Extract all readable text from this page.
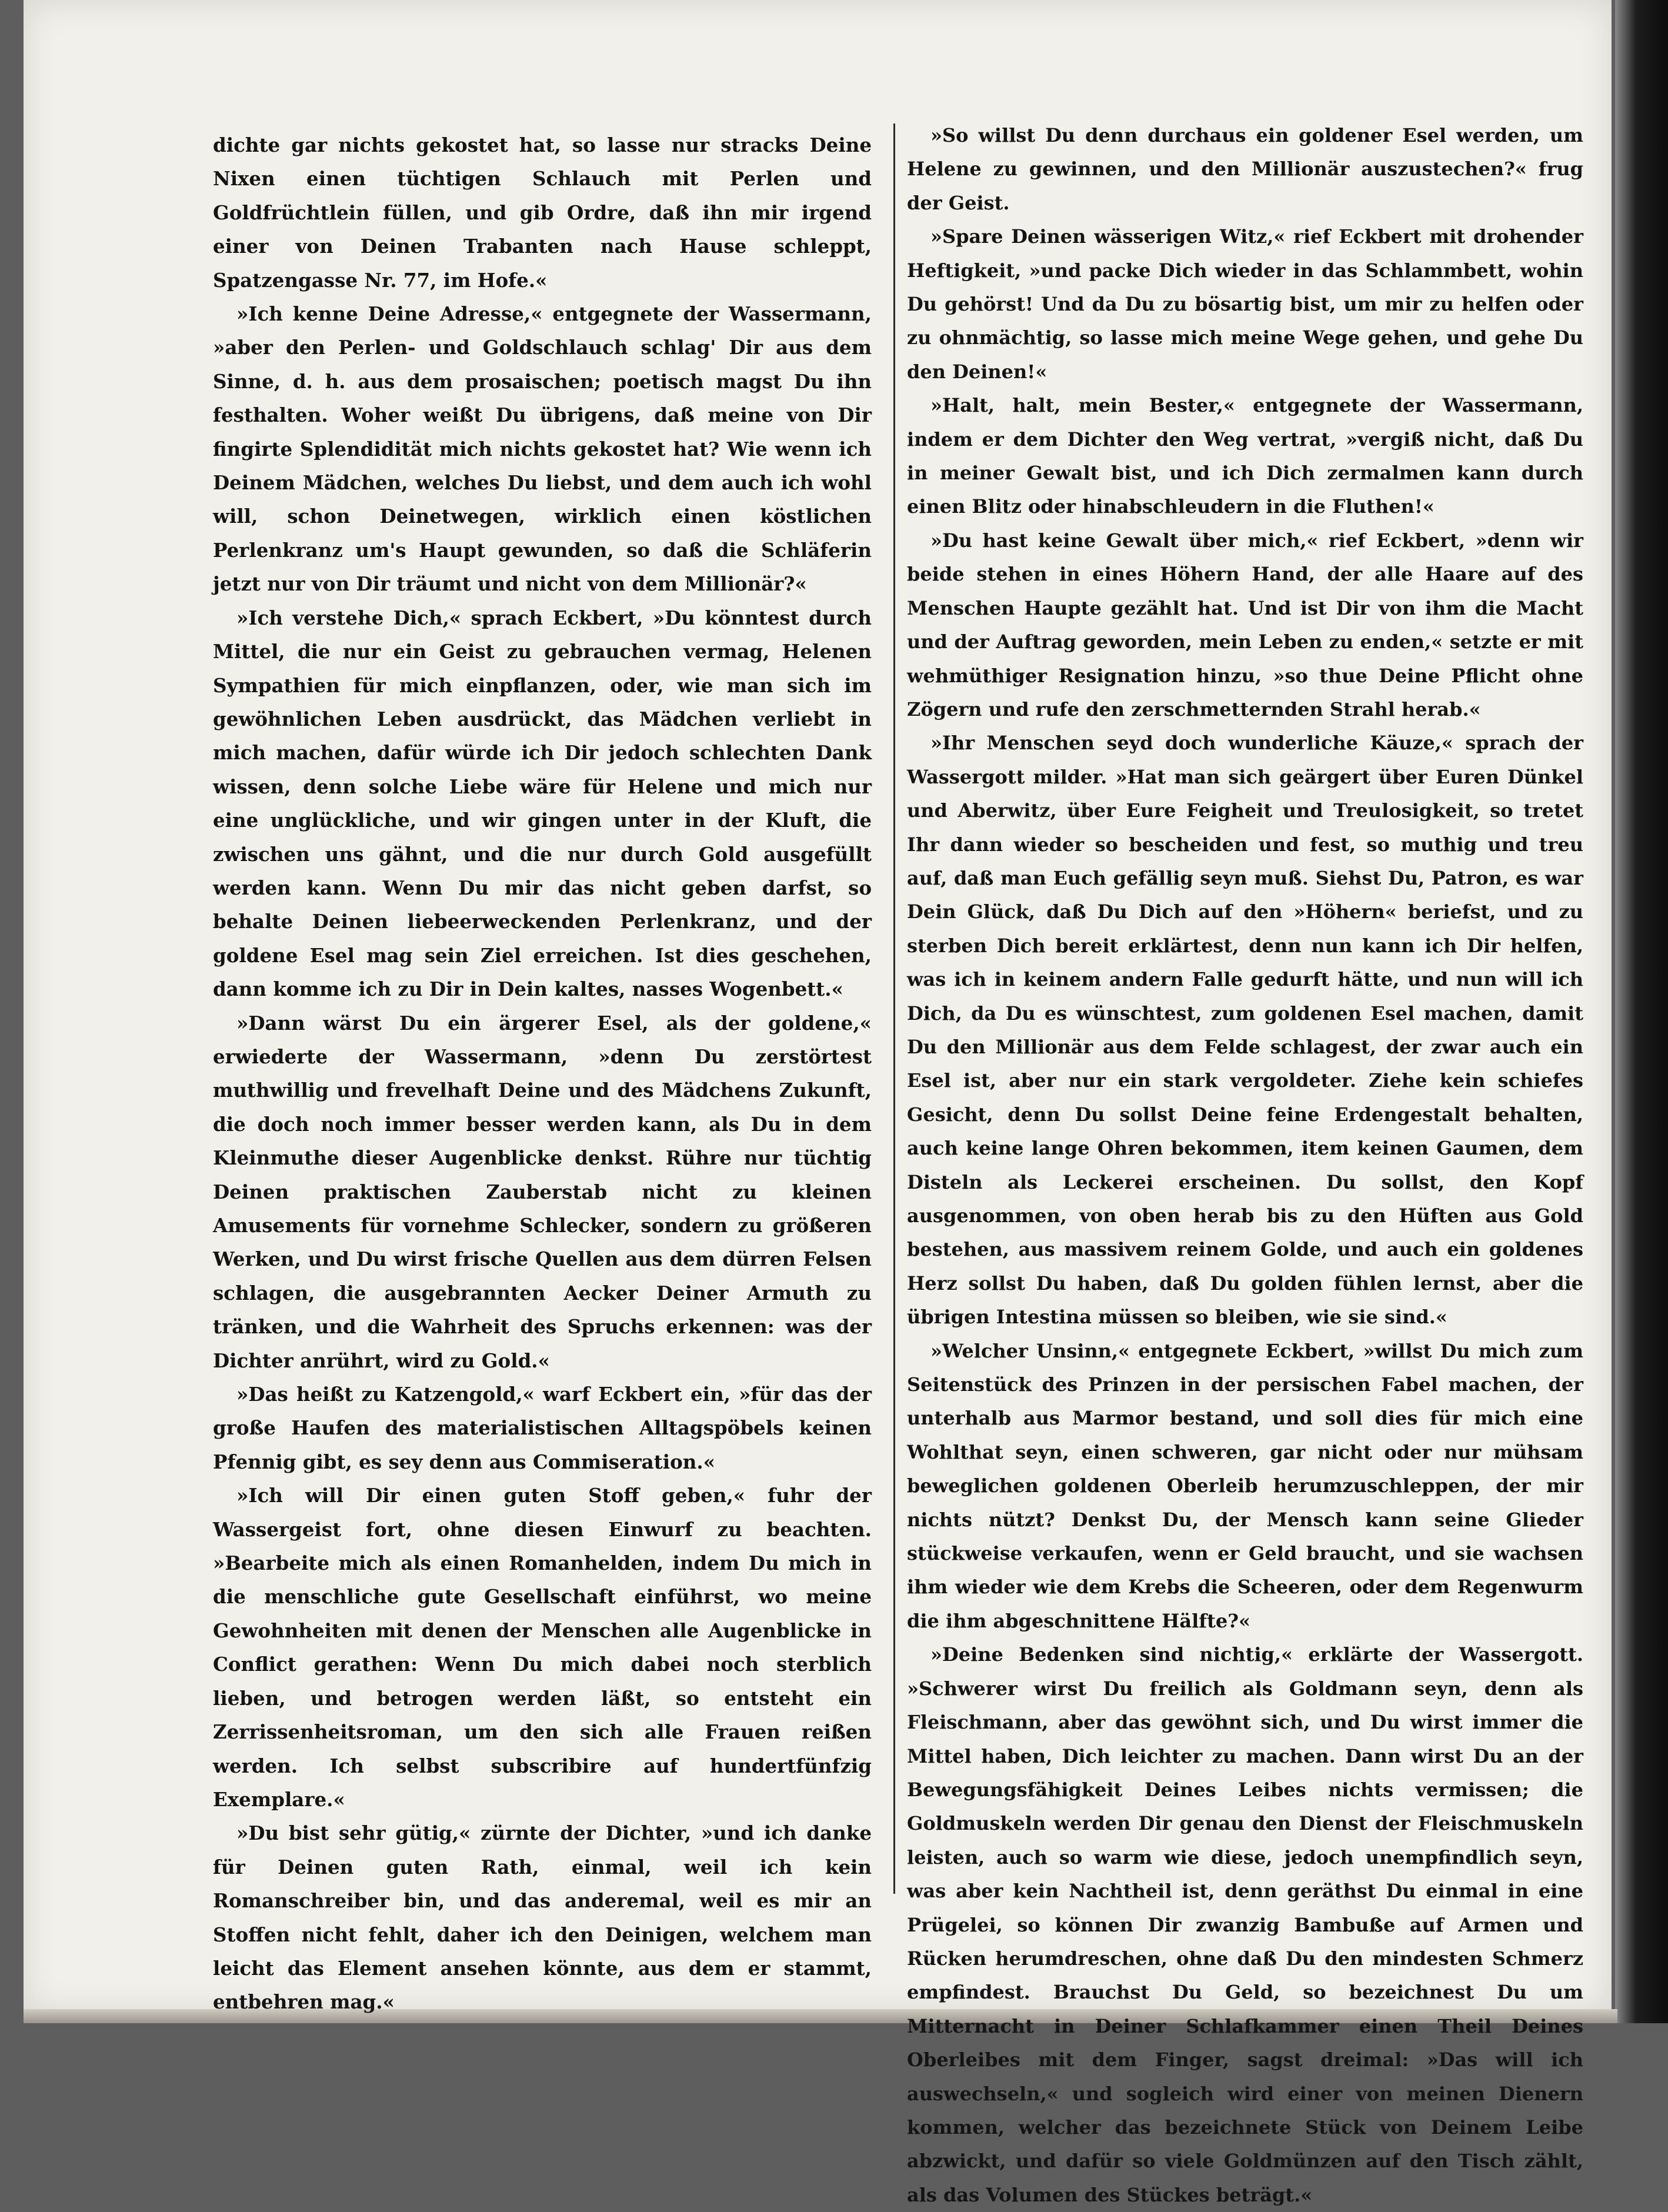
dichte gar nichts gekostet hat, so lasse nur stracks Deine Nixen einen tüchtigen Schlauch mit Perlen und Goldfrüchtlein füllen, und gib Ordre, daß ihn mir irgend einer von Deinen Trabanten nach Hause schleppt, Spatzengasse Nr. 77, im Hofe.«

»Ich kenne Deine Adresse,« entgegnete der Wassermann, »aber den Perlen- und Goldschlauch schlag' Dir aus dem Sinne, d. h. aus dem prosaischen; poetisch magst Du ihn festhalten. Woher weißt Du übrigens, daß meine von Dir fingirte Splendidität mich nichts gekostet hat? Wie wenn ich Deinem Mädchen, welches Du liebst, und dem auch ich wohl will, schon Deinetwegen, wirklich einen köstlichen Perlenkranz um's Haupt gewunden, so daß die Schläferin jetzt nur von Dir träumt und nicht von dem Millionär?«

»Ich verstehe Dich,« sprach Eckbert, »Du könntest durch Mittel, die nur ein Geist zu gebrauchen vermag, Helenen Sympathien für mich einpflanzen, oder, wie man sich im gewöhnlichen Leben ausdrückt, das Mädchen verliebt in mich machen, dafür würde ich Dir jedoch schlechten Dank wissen, denn solche Liebe wäre für Helene und mich nur eine unglückliche, und wir gingen unter in der Kluft, die zwischen uns gähnt, und die nur durch Gold ausgefüllt werden kann. Wenn Du mir das nicht geben darfst, so behalte Deinen liebeerweckenden Perlenkranz, und der goldene Esel mag sein Ziel erreichen. Ist dies geschehen, dann komme ich zu Dir in Dein kaltes, nasses Wogenbett.«

»Dann wärst Du ein ärgerer Esel, als der goldene,« erwiederte der Wassermann, »denn Du zerstörtest muthwillig und frevelhaft Deine und des Mädchens Zukunft, die doch noch immer besser werden kann, als Du in dem Kleinmuthe dieser Augenblicke denkst. Rühre nur tüchtig Deinen praktischen Zauberstab nicht zu kleinen Amusements für vornehme Schlecker, sondern zu größeren Werken, und Du wirst frische Quellen aus dem dürren Felsen schlagen, die ausgebrannten Aecker Deiner Armuth zu tränken, und die Wahrheit des Spruchs erkennen: was der Dichter anrührt, wird zu Gold.«

»Das heißt zu Katzengold,« warf Eckbert ein, »für das der große Haufen des materialistischen Alltagspöbels keinen Pfennig gibt, es sey denn aus Commiseration.«

»Ich will Dir einen guten Stoff geben,« fuhr der Wassergeist fort, ohne diesen Einwurf zu beachten. »Bearbeite mich als einen Romanhelden, indem Du mich in die menschliche gute Gesellschaft einführst, wo meine Gewohnheiten mit denen der Menschen alle Augenblicke in Conflict gerathen: Wenn Du mich dabei noch sterblich lieben, und betrogen werden läßt, so entsteht ein Zerrissenheitsroman, um den sich alle Frauen reißen werden. Ich selbst subscribire auf hundertfünfzig Exemplare.«

»Du bist sehr gütig,« zürnte der Dichter, »und ich danke für Deinen guten Rath, einmal, weil ich kein Romanschreiber bin, und das anderemal, weil es mir an Stoffen nicht fehlt, daher ich den Deinigen, welchem man leicht das Element ansehen könnte, aus dem er stammt, entbehren mag.«

»So willst Du denn durchaus ein goldener Esel werden, um Helene zu gewinnen, und den Millionär auszustechen?« frug der Geist.

»Spare Deinen wässerigen Witz,« rief Eckbert mit drohender Heftigkeit, »und packe Dich wieder in das Schlammbett, wohin Du gehörst! Und da Du zu bösartig bist, um mir zu helfen oder zu ohnmächtig, so lasse mich meine Wege gehen, und gehe Du den Deinen!«

»Halt, halt, mein Bester,« entgegnete der Wassermann, indem er dem Dichter den Weg vertrat, »vergiß nicht, daß Du in meiner Gewalt bist, und ich Dich zermalmen kann durch einen Blitz oder hinabschleudern in die Fluthen!«

»Du hast keine Gewalt über mich,« rief Eckbert, »denn wir beide stehen in eines Höhern Hand, der alle Haare auf des Menschen Haupte gezählt hat. Und ist Dir von ihm die Macht und der Auftrag geworden, mein Leben zu enden,« setzte er mit wehmüthiger Resignation hinzu, »so thue Deine Pflicht ohne Zögern und rufe den zerschmetternden Strahl herab.«

»Ihr Menschen seyd doch wunderliche Käuze,« sprach der Wassergott milder. »Hat man sich geärgert über Euren Dünkel und Aberwitz, über Eure Feigheit und Treulosigkeit, so tretet Ihr dann wieder so bescheiden und fest, so muthig und treu auf, daß man Euch gefällig seyn muß. Siehst Du, Patron, es war Dein Glück, daß Du Dich auf den »Höhern« beriefst, und zu sterben Dich bereit erklärtest, denn nun kann ich Dir helfen, was ich in keinem andern Falle gedurft hätte, und nun will ich Dich, da Du es wünschtest, zum goldenen Esel machen, damit Du den Millionär aus dem Felde schlagest, der zwar auch ein Esel ist, aber nur ein stark vergoldeter. Ziehe kein schiefes Gesicht, denn Du sollst Deine feine Erdengestalt behalten, auch keine lange Ohren bekommen, item keinen Gaumen, dem Disteln als Leckerei erscheinen. Du sollst, den Kopf ausgenommen, von oben herab bis zu den Hüften aus Gold bestehen, aus massivem reinem Golde, und auch ein goldenes Herz sollst Du haben, daß Du golden fühlen lernst, aber die übrigen Intestina müssen so bleiben, wie sie sind.«

»Welcher Unsinn,« entgegnete Eckbert, »willst Du mich zum Seitenstück des Prinzen in der persischen Fabel machen, der unterhalb aus Marmor bestand, und soll dies für mich eine Wohlthat seyn, einen schweren, gar nicht oder nur mühsam beweglichen goldenen Oberleib herumzuschleppen, der mir nichts nützt? Denkst Du, der Mensch kann seine Glieder stückweise verkaufen, wenn er Geld braucht, und sie wachsen ihm wieder wie dem Krebs die Scheeren, oder dem Regenwurm die ihm abgeschnittene Hälfte?«

»Deine Bedenken sind nichtig,« erklärte der Wassergott. »Schwerer wirst Du freilich als Goldmann seyn, denn als Fleischmann, aber das gewöhnt sich, und Du wirst immer die Mittel haben, Dich leichter zu machen. Dann wirst Du an der Bewegungsfähigkeit Deines Leibes nichts vermissen; die Goldmuskeln werden Dir genau den Dienst der Fleischmuskeln leisten, auch so warm wie diese, jedoch unempfindlich seyn, was aber kein Nachtheil ist, denn geräthst Du einmal in eine Prügelei, so können Dir zwanzig Bambuße auf Armen und Rücken herumdreschen, ohne daß Du den mindesten Schmerz empfindest. Brauchst Du Geld, so bezeichnest Du um Mitternacht in Deiner Schlafkammer einen Theil Deines Oberleibes mit dem Finger, sagst dreimal: »Das will ich auswechseln,« und sogleich wird einer von meinen Dienern kommen, welcher das bezeichnete Stück von Deinem Leibe abzwickt, und dafür so viele Goldmünzen auf den Tisch zählt, als das Volumen des Stückes beträgt.«
